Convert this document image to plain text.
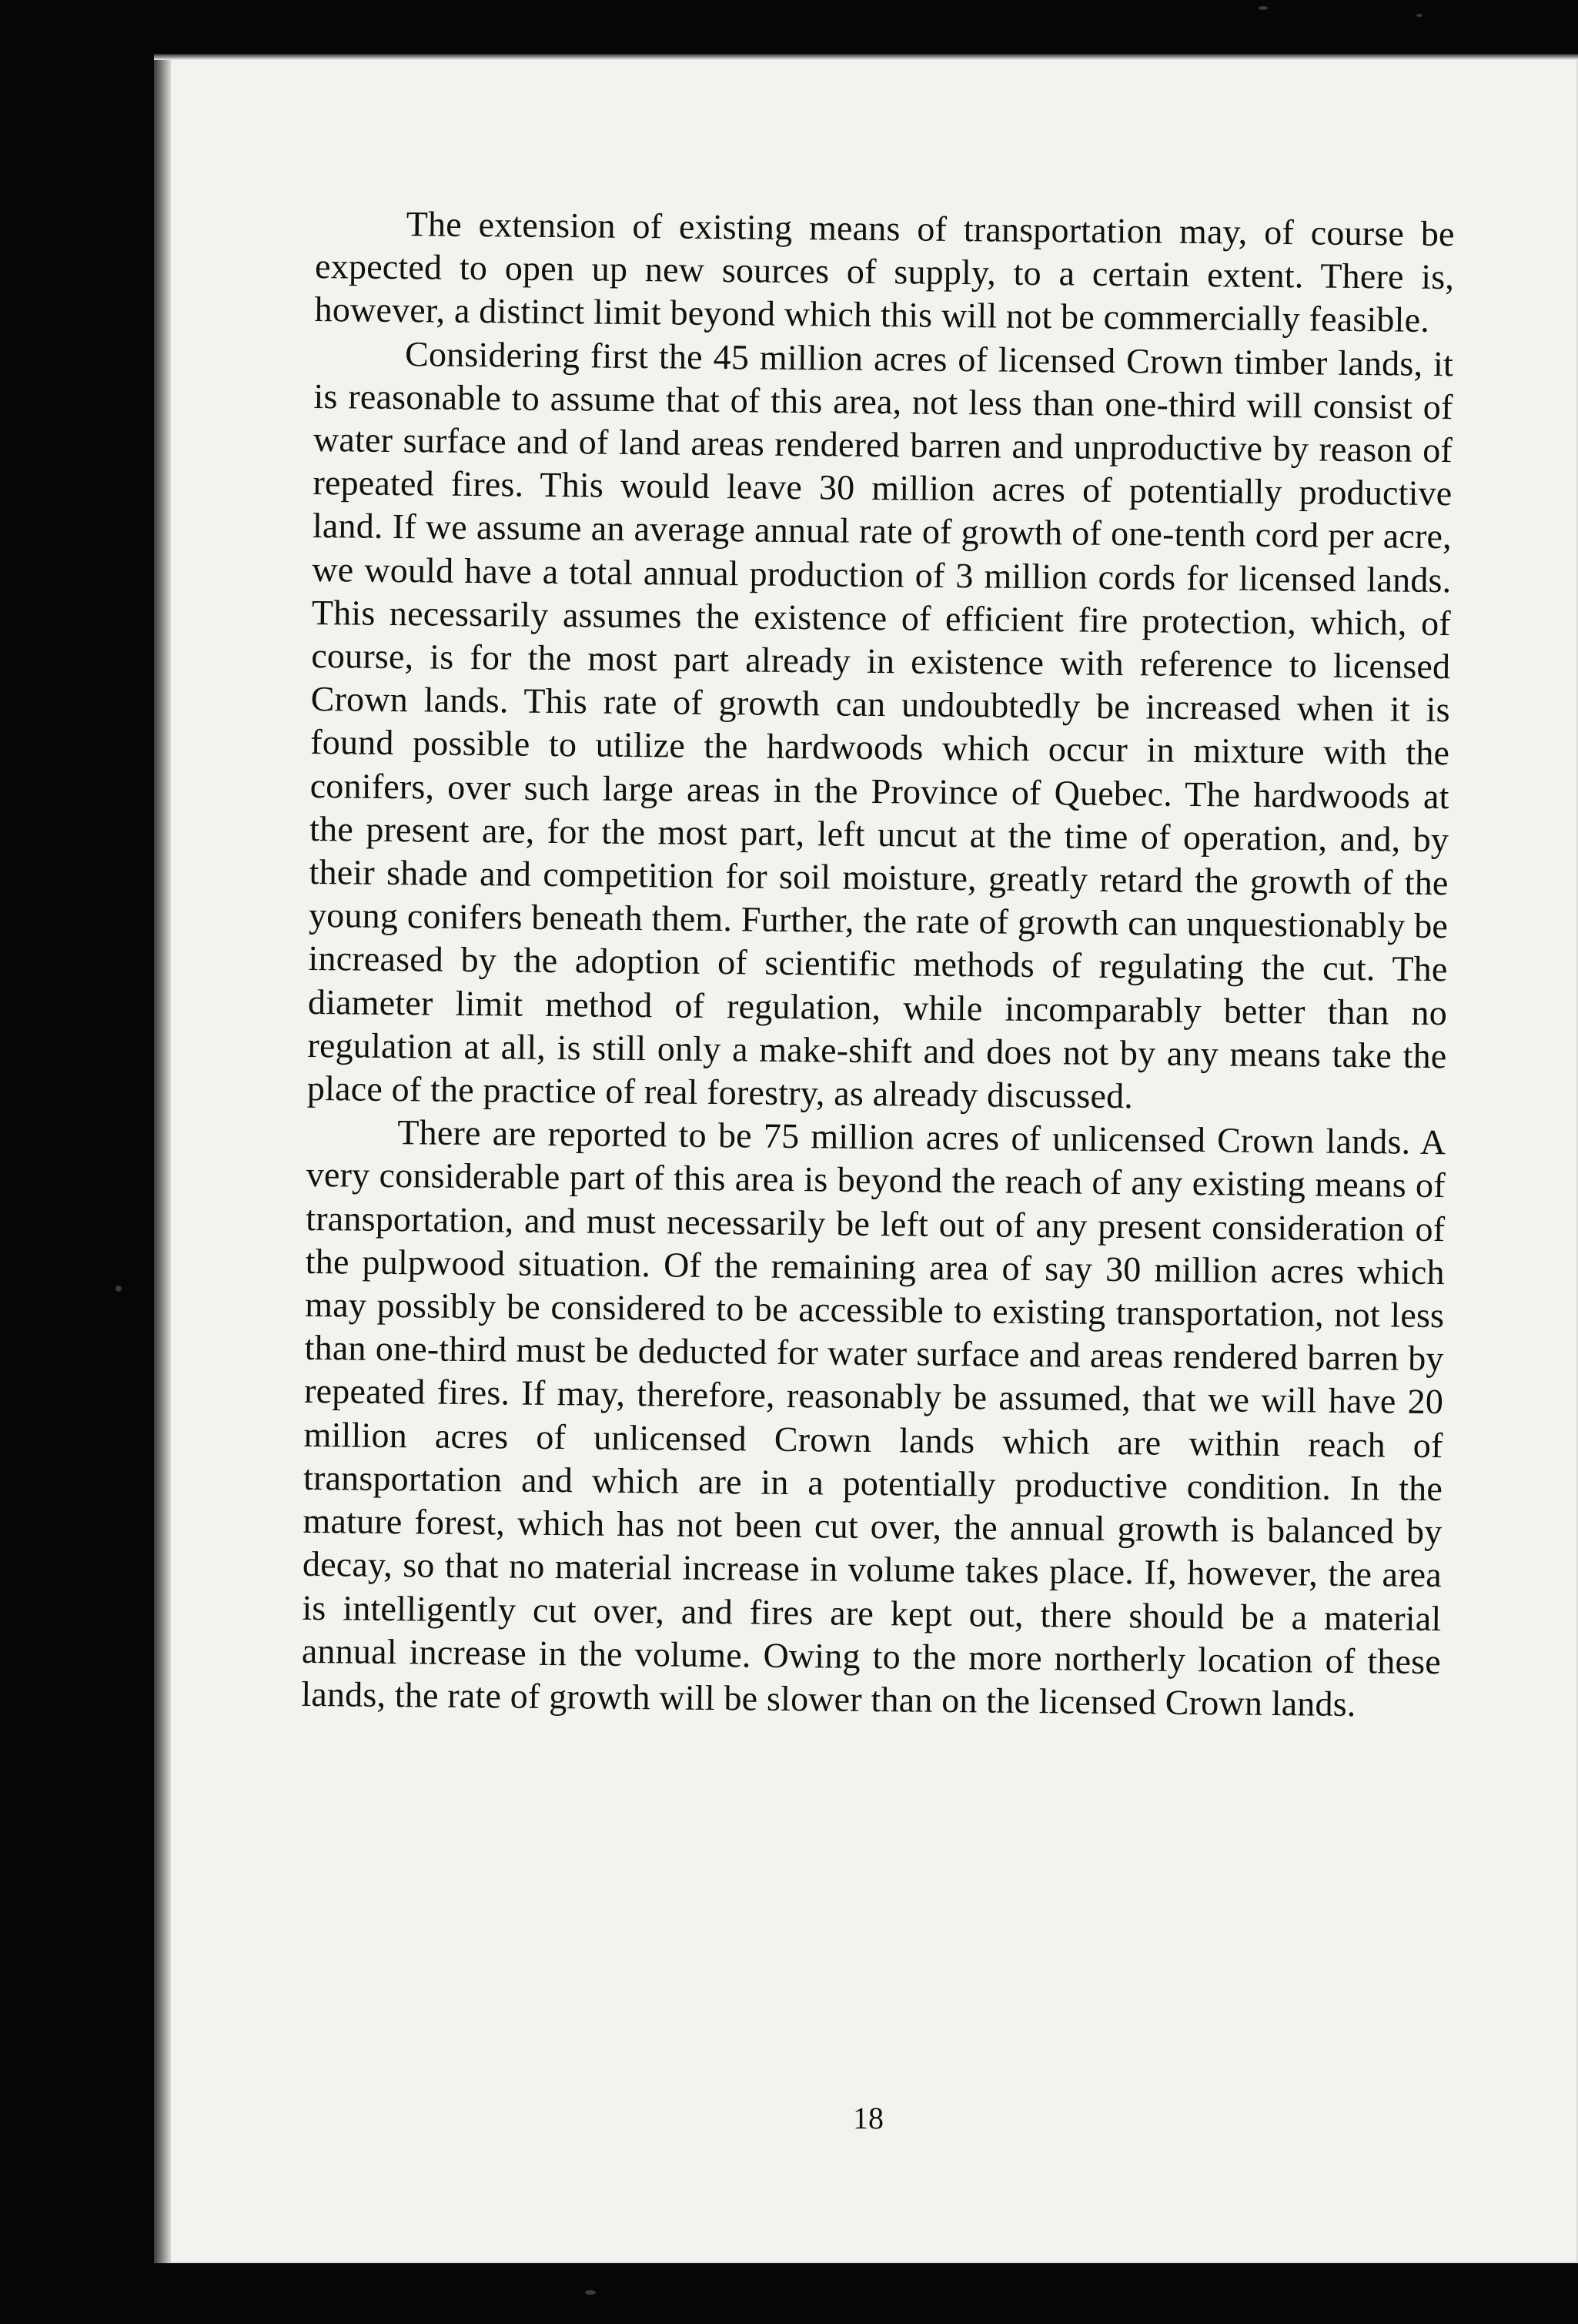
The extension of existing means of transportation may, of course be expected to open up new sources of supply, to a certain extent. There is, however, a distinct limit beyond which this will not be commercially feasible.

Considering first the 45 million acres of licensed Crown timber lands, it is reasonable to assume that of this area, not less than one-third will consist of water surface and of land areas rendered barren and unproductive by reason of repeated fires. This would leave 30 million acres of potentially productive land. If we assume an average annual rate of growth of one-tenth cord per acre, we would have a total annual production of 3 million cords for licensed lands. This necessarily assumes the existence of efficient fire protection, which, of course, is for the most part already in existence with reference to licensed Crown lands. This rate of growth can undoubtedly be increased when it is found possible to utilize the hardwoods which occur in mixture with the conifers, over such large areas in the Province of Quebec. The hardwoods at the present are, for the most part, left uncut at the time of operation, and, by their shade and competition for soil moisture, greatly retard the growth of the young conifers beneath them. Further, the rate of growth can unquestionably be increased by the adoption of scientific methods of regulating the cut. The diameter limit method of regulation, while incomparably better than no regulation at all, is still only a make-shift and does not by any means take the place of the practice of real forestry, as already discussed.

There are reported to be 75 million acres of unlicensed Crown lands. A very considerable part of this area is beyond the reach of any existing means of transportation, and must necessarily be left out of any present consideration of the pulpwood situation. Of the remaining area of say 30 million acres which may possibly be considered to be accessible to existing transportation, not less than one-third must be deducted for water surface and areas rendered barren by repeated fires. If may, therefore, reasonably be assumed, that we will have 20 million acres of unlicensed Crown lands which are within reach of transportation and which are in a potentially productive condition. In the mature forest, which has not been cut over, the annual growth is balanced by decay, so that no material increase in volume takes place. If, however, the area is intelligently cut over, and fires are kept out, there should be a material annual increase in the volume. Owing to the more northerly location of these lands, the rate of growth will be slower than on the licensed Crown lands.

18
